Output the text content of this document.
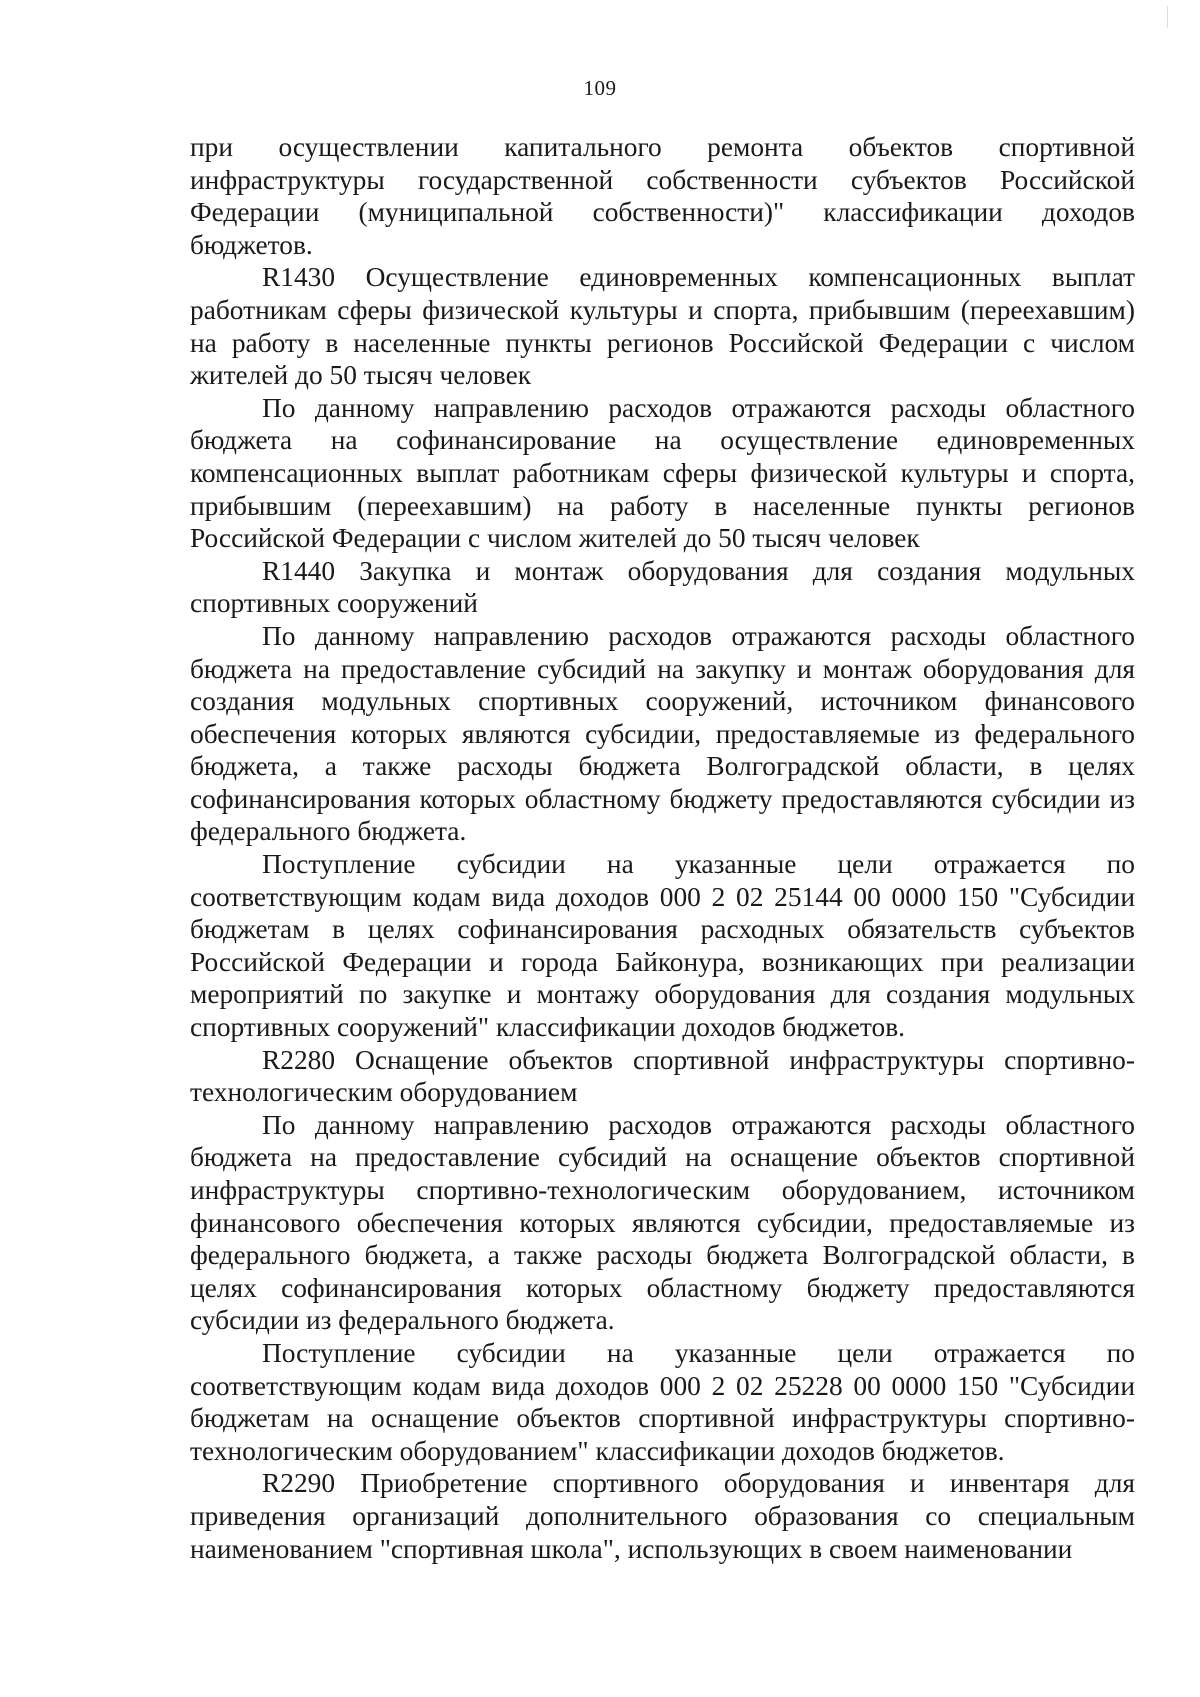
109

при осуществлении капитального ремонта объектов спортивной инфраструктуры государственной собственности субъектов Российской Федерации (муниципальной собственности)" классификации доходов бюджетов.

R1430 Осуществление единовременных компенсационных выплат работникам сферы физической культуры и спорта, прибывшим (переехавшим) на работу в населенные пункты регионов Российской Федерации с числом жителей до 50 тысяч человек

По данному направлению расходов отражаются расходы областного бюджета на софинансирование на осуществление единовременных компенсационных выплат работникам сферы физической культуры и спорта, прибывшим (переехавшим) на работу в населенные пункты регионов Российской Федерации с числом жителей до 50 тысяч человек

R1440 Закупка и монтаж оборудования для создания модульных спортивных сооружений

По данному направлению расходов отражаются расходы областного бюджета на предоставление субсидий на закупку и монтаж оборудования для создания модульных спортивных сооружений, источником финансового обеспечения которых являются субсидии, предоставляемые из федерального бюджета, а также расходы бюджета Волгоградской области, в целях софинансирования которых областному бюджету предоставляются субсидии из федерального бюджета.

Поступление субсидии на указанные цели отражается по соответствующим кодам вида доходов 000 2 02 25144 00 0000 150 "Субсидии бюджетам в целях софинансирования расходных обязательств субъектов Российской Федерации и города Байконура, возникающих при реализации мероприятий по закупке и монтажу оборудования для создания модульных спортивных сооружений" классификации доходов бюджетов.

R2280 Оснащение объектов спортивной инфраструктуры спортивно-технологическим оборудованием

По данному направлению расходов отражаются расходы областного бюджета на предоставление субсидий на оснащение объектов спортивной инфраструктуры спортивно-технологическим оборудованием, источником финансового обеспечения которых являются субсидии, предоставляемые из федерального бюджета, а также расходы бюджета Волгоградской области, в целях софинансирования которых областному бюджету предоставляются субсидии из федерального бюджета.

Поступление субсидии на указанные цели отражается по соответствующим кодам вида доходов 000 2 02 25228 00 0000 150 "Субсидии бюджетам на оснащение объектов спортивной инфраструктуры спортивно-технологическим оборудованием" классификации доходов бюджетов.

R2290 Приобретение спортивного оборудования и инвентаря для приведения организаций дополнительного образования со специальным наименованием "спортивная школа", использующих в своем наименовании
